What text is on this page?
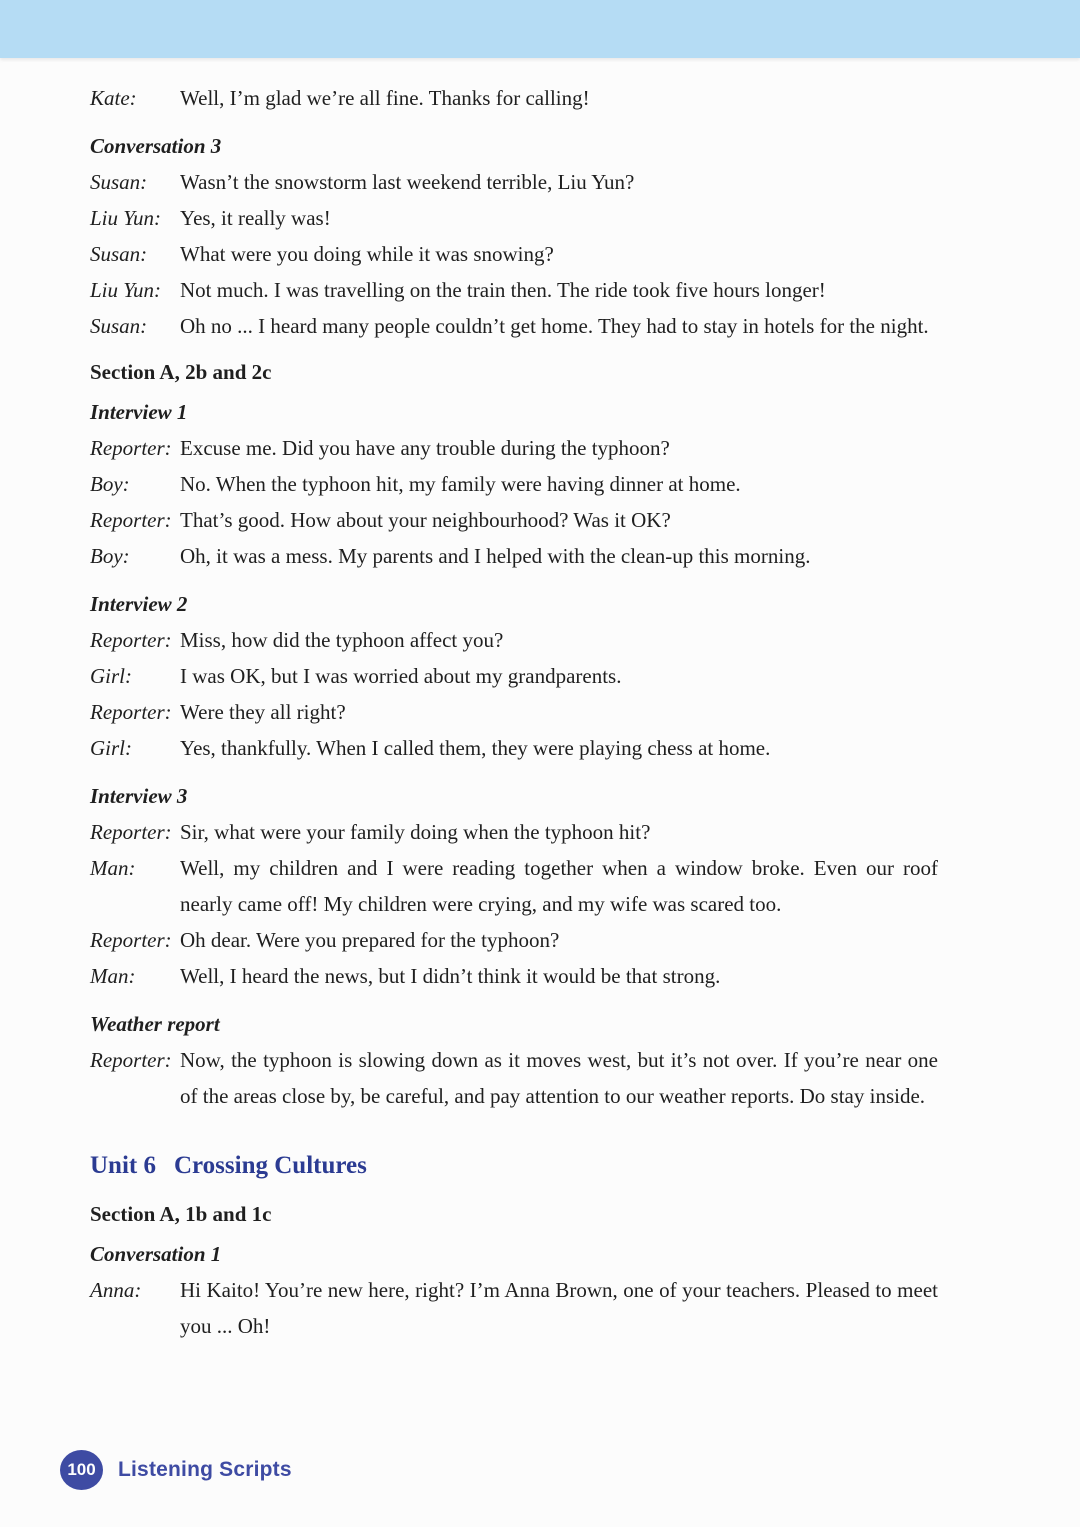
Kate:	Well, I’m glad we’re all fine. Thanks for calling!
Conversation 3
Susan:	Wasn’t the snowstorm last weekend terrible, Liu Yun?
Liu Yun: Yes, it really was!
Susan:	What were you doing while it was snowing?
Liu Yun: Not much. I was travelling on the train then. The ride took five hours longer!
Susan:	Oh no ... I heard many people couldn’t get home. They had to stay in hotels for the night.
Section A, 2b and 2c
Interview 1
Reporter: Excuse me. Did you have any trouble during the typhoon?
Boy:	No. When the typhoon hit, my family were having dinner at home.
Reporter: That’s good. How about your neighbourhood? Was it OK?
Boy:	Oh, it was a mess. My parents and I helped with the clean-up this morning.
Interview 2
Reporter: Miss, how did the typhoon affect you?
Girl:	I was OK, but I was worried about my grandparents.
Reporter: Were they all right?
Girl:	Yes, thankfully. When I called them, they were playing chess at home.
Interview 3
Reporter: Sir, what were your family doing when the typhoon hit?
Man:	Well, my children and I were reading together when a window broke. Even our roof nearly came off! My children were crying, and my wife was scared too.
Reporter: Oh dear. Were you prepared for the typhoon?
Man:	Well, I heard the news, but I didn’t think it would be that strong.
Weather report
Reporter: Now, the typhoon is slowing down as it moves west, but it’s not over. If you’re near one of the areas close by, be careful, and pay attention to our weather reports. Do stay inside.
Unit 6 Crossing Cultures
Section A, 1b and 1c
Conversation 1
Anna:	Hi Kaito! You’re new here, right? I’m Anna Brown, one of your teachers. Pleased to meet you ... Oh!
100 Listening Scripts
